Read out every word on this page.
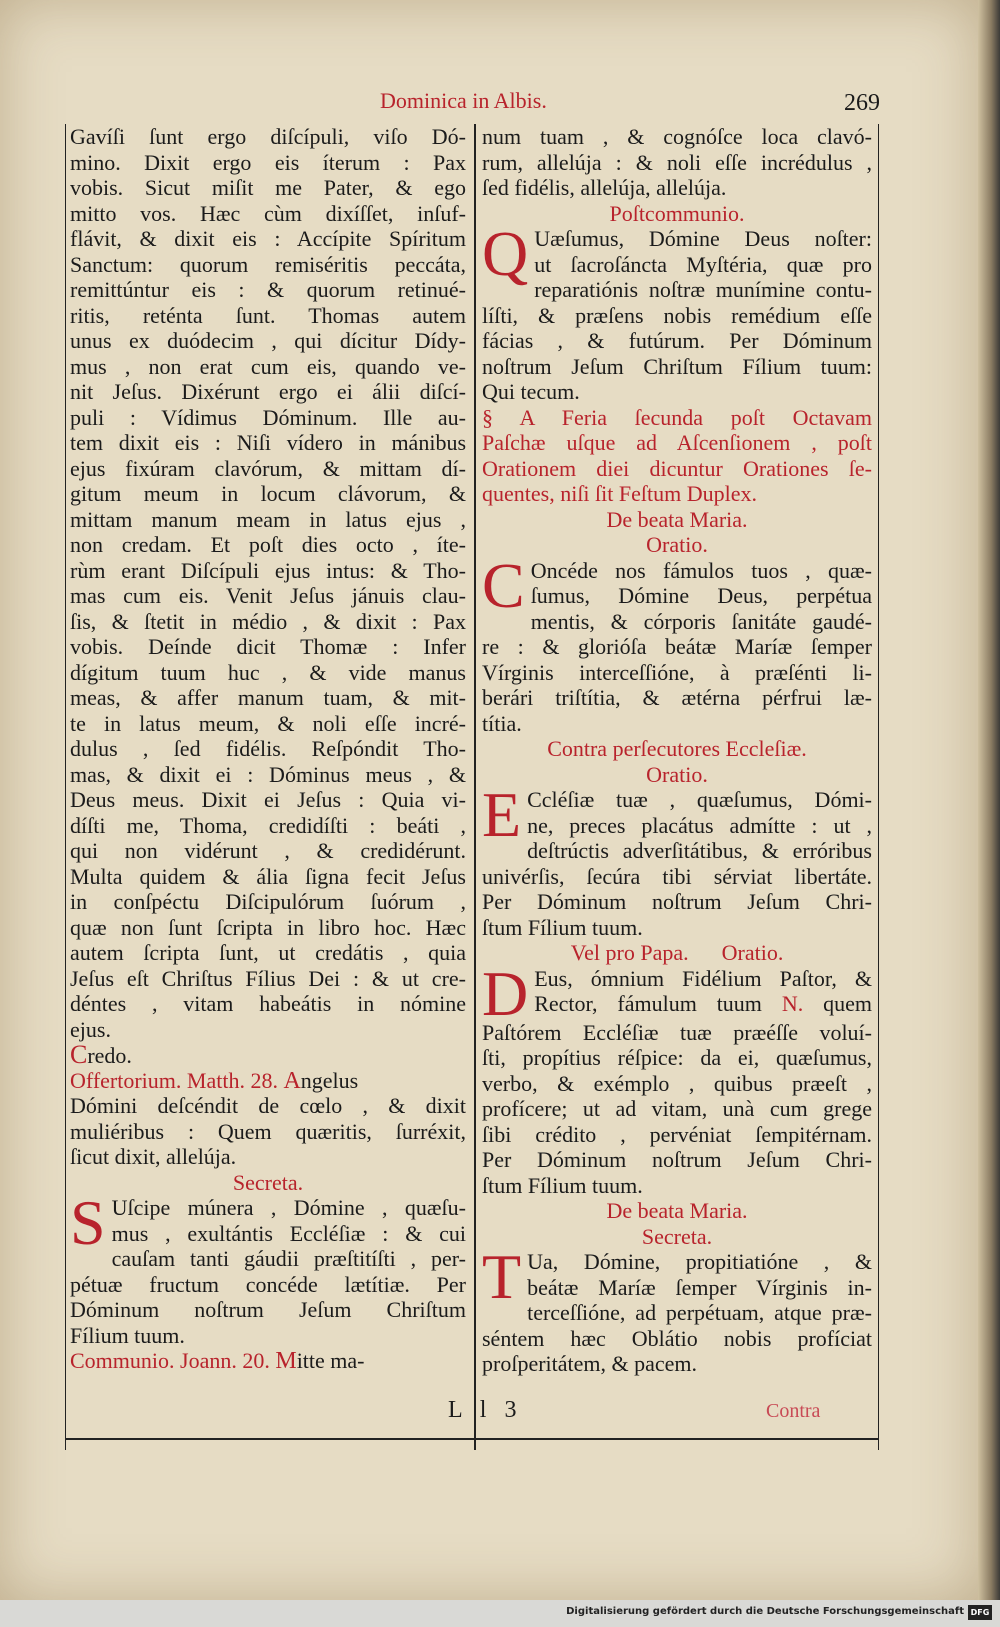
Dominica in Albis.	269
Gavíſi ſunt ergo diſcípuli, viſo Dó-
mino. Dixit ergo eis íterum : Pax
vobis. Sicut miſit me Pater, & ego
mitto vos. Hæc cùm dixíſſet, inſuf-
flávit, & dixit eis : Accípite Spíritum
Sanctum: quorum remiséritis peccáta,
remittúntur eis : & quorum retinué-
ritis, reténta ſunt. Thomas autem
unus ex duódecim , qui dícitur Dídy-
mus , non erat cum eis, quando ve-
nit Jeſus. Dixérunt ergo ei álii diſcí-
puli : Vídimus Dóminum. Ille au-
tem dixit eis : Niſi vídero in mánibus
ejus fixúram clavórum, & mittam dí-
gitum meum in locum clávorum, &
mittam manum meam in latus ejus ,
non credam. Et poſt dies octo , íte-
rùm erant Diſcípuli ejus intus: & Tho-
mas cum eis. Venit Jeſus jánuis clau-
ſis, & ſtetit in médio , & dixit : Pax
vobis. Deínde dicit Thomæ : Infer
dígitum tuum huc , & vide manus
meas, & affer manum tuam, & mit-
te in latus meum, & noli eſſe incré-
dulus , ſed fidélis. Reſpóndit Tho-
mas, & dixit ei : Dóminus meus , &
Deus meus. Dixit ei Jeſus : Quia vi-
díſti me, Thoma, credidíſti : beáti ,
qui non vidérunt , & credidérunt.
Multa quidem & ália ſigna fecit Jeſus
in conſpéctu Diſcipulórum ſuórum ,
quæ non ſunt ſcripta in libro hoc. Hæc
autem ſcripta ſunt, ut credátis , quia
Jeſus eſt Chriſtus Fílius Dei : & ut cre-
déntes , vitam habeátis in nómine
ejus.
Credo.
Offertorium. Matth. 28. Angelus
Dómini deſcéndit de cœlo , & dixit
muliéribus : Quem quæritis, ſurréxit,
ſicut dixit, allelúja.
Secreta.
S Uſcipe múnera , Dómine , quæſu-
mus , exultántis Eccléſiæ : & cui
cauſam tanti gáudii præſtitíſti , per-
pétuæ fructum concéde lætítiæ. Per
Dóminum noſtrum Jeſum Chriſtum
Fílium tuum.
Communio. Joann. 20. Mitte ma-
num tuam , & cognóſce loca clavó-
rum, allelúja : & noli eſſe incrédulus ,
ſed fidélis, allelúja, allelúja.
Poſtcommunio.
Q Uæſumus, Dómine Deus noſter:
ut ſacroſáncta Myſtéria, quæ pro
reparatiónis noſtræ munímine contu-
líſti, & præſens nobis remédium eſſe
fácias , & futúrum. Per Dóminum
noſtrum Jeſum Chriſtum Fílium tuum:
Qui tecum.
§ A Feria ſecunda poſt Octavam
Paſchæ uſque ad Aſcenſionem , poſt
Orationem diei dicuntur Orationes ſe-
quentes, niſi ſit Feſtum Duplex.
De beata Maria.
Oratio.
C Oncéde nos fámulos tuos , quæ-
ſumus, Dómine Deus, perpétua
mentis, & córporis ſanitáte gaudé-
re : & glorióſa beátæ Maríæ ſemper
Vírginis interceſſióne, à præſénti li-
berári triſtítia, & ætérna pérfrui læ-
títia.
Contra perſecutores Eccleſiæ.
Oratio.
E Ccléſiæ tuæ , quæſumus, Dómi-
ne, preces placátus admítte : ut ,
deſtrúctis adverſitátibus, & erróribus
univérſis, ſecúra tibi sérviat libertáte.
Per Dóminum noſtrum Jeſum Chri-
ſtum Fílium tuum.
Vel pro Papa. Oratio.
D Eus, ómnium Fidélium Paſtor, &
Rector, fámulum tuum N. quem
Paſtórem Eccléſiæ tuæ præéſſe voluí-
ſti, propítius réſpice: da ei, quæſumus,
verbo, & exémplo , quibus præeſt ,
profícere; ut ad vitam, unà cum grege
ſibi crédito , pervéniat ſempitérnam.
Per Dóminum noſtrum Jeſum Chri-
ſtum Fílium tuum.
De beata Maria.
Secreta.
T Ua, Dómine, propitiatióne , &
beátæ Maríæ ſemper Vírginis in-
terceſſióne, ad perpétuam, atque præ-
séntem hæc Oblátio nobis profíciat
proſperitátem, & pacem.
L l 3	Contra
Digitalisierung gefördert durch die Deutsche Forschungsgemeinschaft DFG
